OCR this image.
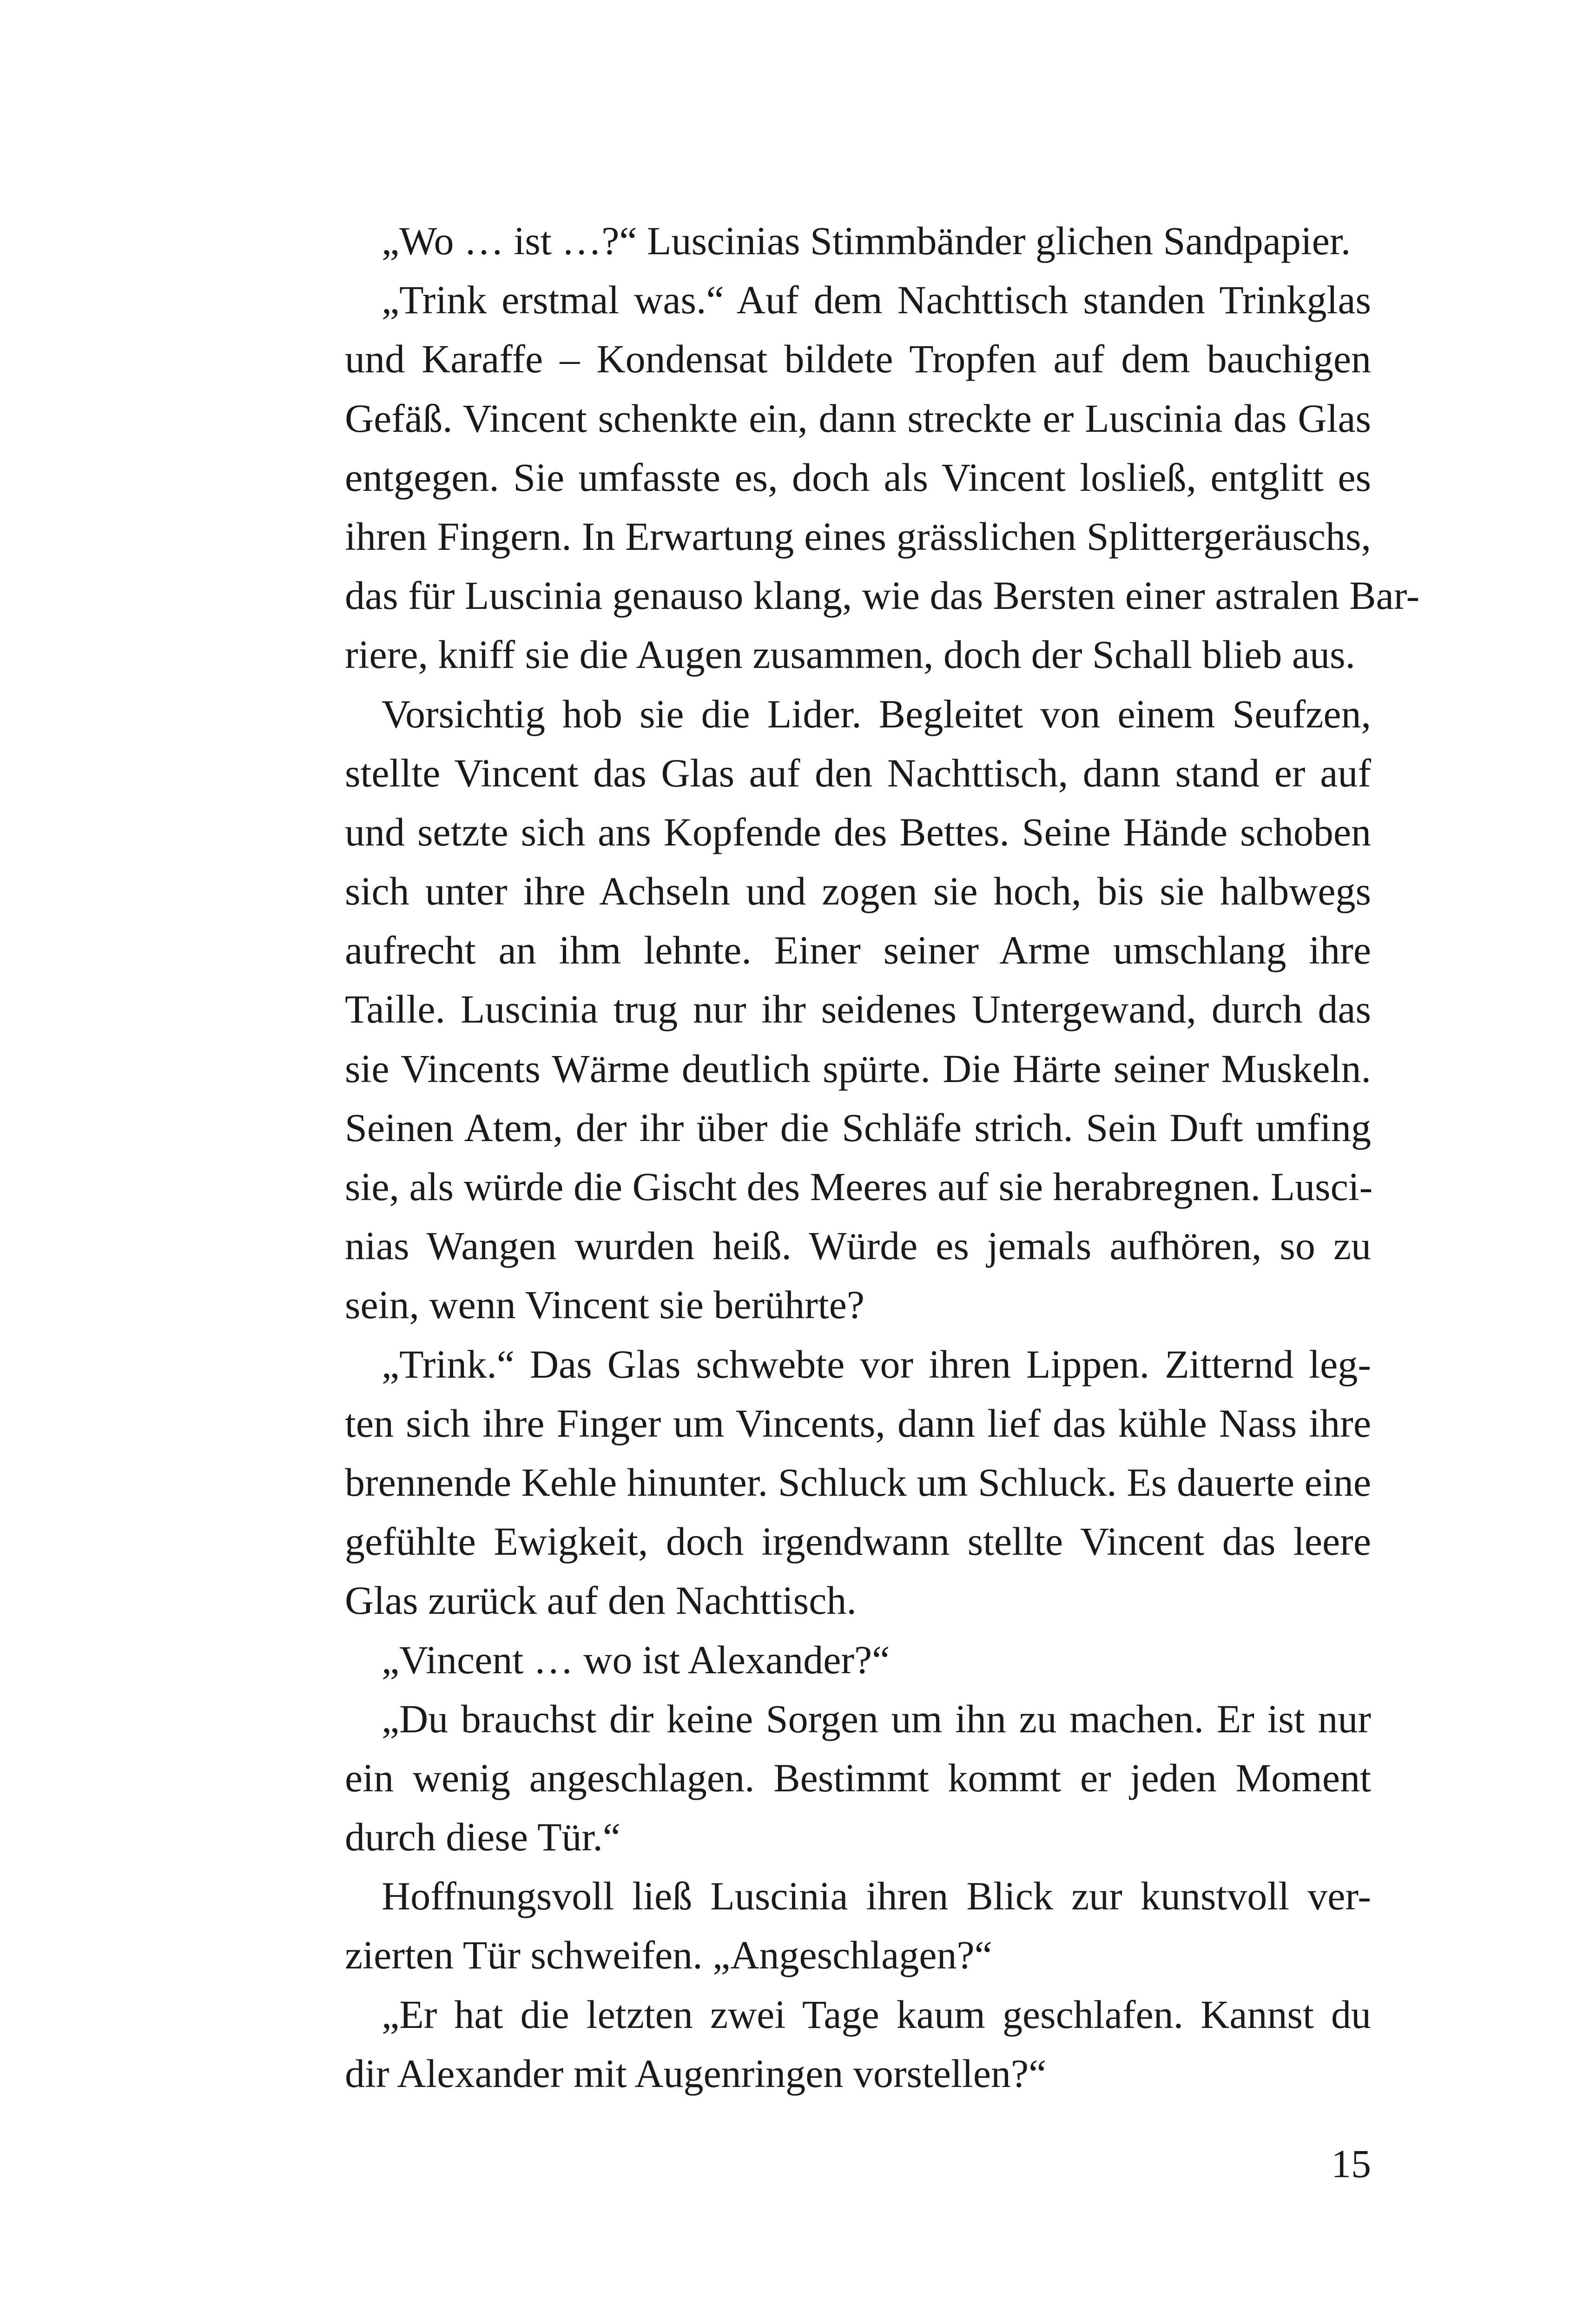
„Wo … ist …?“ Luscinias Stimmbänder glichen Sandpapier.
„Trink erstmal was.“ Auf dem Nachttisch standen Trinkglas
und Karaffe – Kondensat bildete Tropfen auf dem bauchigen
Gefäß. Vincent schenkte ein, dann streckte er Luscinia das Glas
entgegen. Sie umfasste es, doch als Vincent losließ, entglitt es
ihren Fingern. In Erwartung eines grässlichen Splittergeräuschs,
das für Luscinia genauso klang, wie das Bersten einer astralen Bar-
riere, kniff sie die Augen zusammen, doch der Schall blieb aus.
Vorsichtig hob sie die Lider. Begleitet von einem Seufzen,
stellte Vincent das Glas auf den Nachttisch, dann stand er auf
und setzte sich ans Kopfende des Bettes. Seine Hände schoben
sich unter ihre Achseln und zogen sie hoch, bis sie halbwegs
aufrecht an ihm lehnte. Einer seiner Arme umschlang ihre
Taille. Luscinia trug nur ihr seidenes Untergewand, durch das
sie Vincents Wärme deutlich spürte. Die Härte seiner Muskeln.
Seinen Atem, der ihr über die Schläfe strich. Sein Duft umfing
sie, als würde die Gischt des Meeres auf sie herabregnen. Lusci-
nias Wangen wurden heiß. Würde es jemals aufhören, so zu
sein, wenn Vincent sie berührte?
„Trink.“ Das Glas schwebte vor ihren Lippen. Zitternd leg-
ten sich ihre Finger um Vincents, dann lief das kühle Nass ihre
brennende Kehle hinunter. Schluck um Schluck. Es dauerte eine
gefühlte Ewigkeit, doch irgendwann stellte Vincent das leere
Glas zurück auf den Nachttisch.
„Vincent … wo ist Alexander?“
„Du brauchst dir keine Sorgen um ihn zu machen. Er ist nur
ein wenig angeschlagen. Bestimmt kommt er jeden Moment
durch diese Tür.“
Hoffnungsvoll ließ Luscinia ihren Blick zur kunstvoll ver-
zierten Tür schweifen. „Angeschlagen?“
„Er hat die letzten zwei Tage kaum geschlafen. Kannst du
dir Alexander mit Augenringen vorstellen?“
15
